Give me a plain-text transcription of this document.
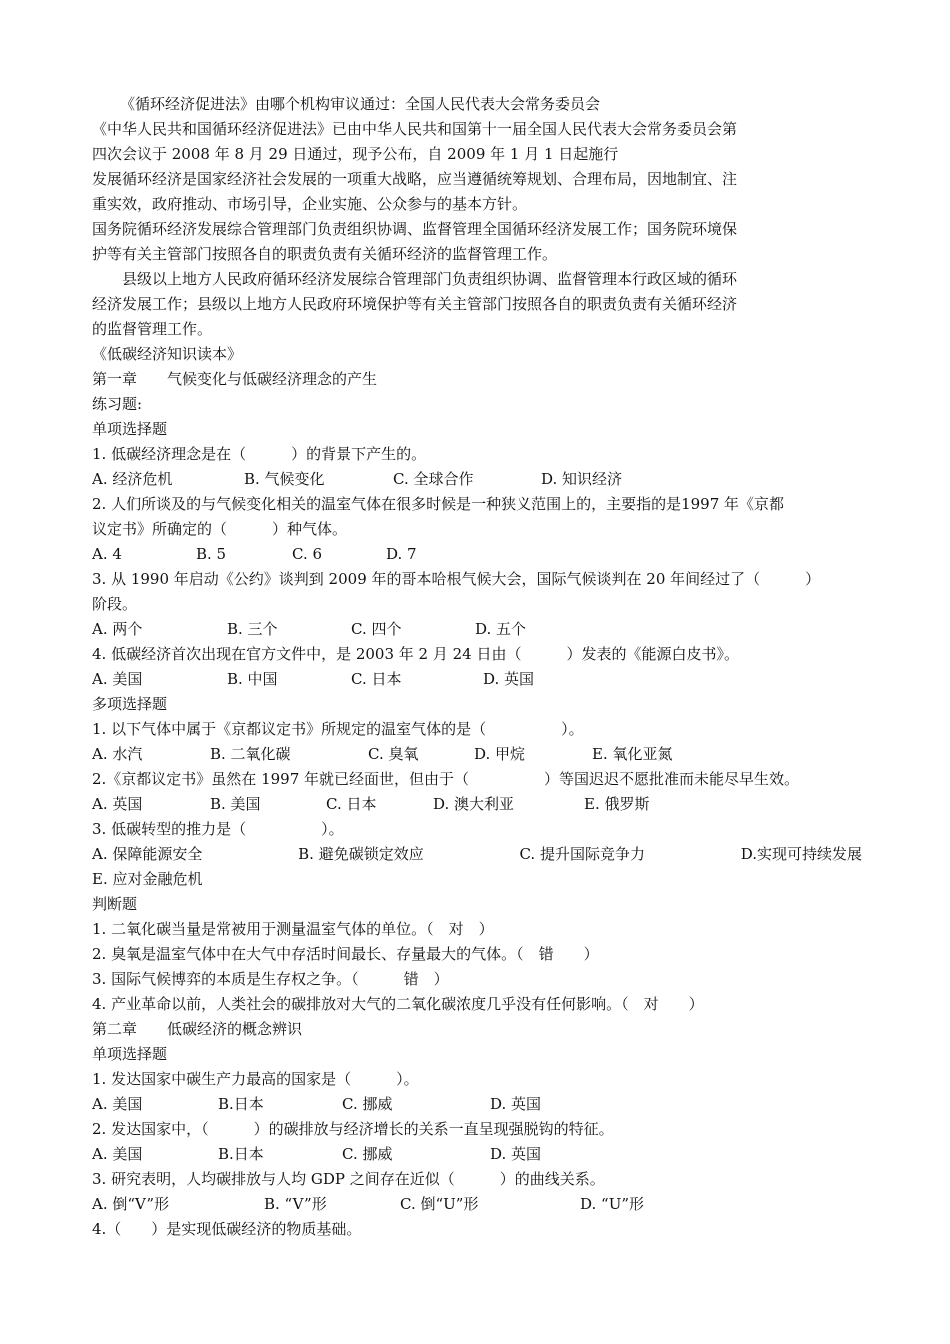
《循环经济促进法》由哪个机构审议通过：全国人民代表大会常务委员会
《中华人民共和国循环经济促进法》已由中华人民共和国第十一届全国人民代表大会常务委员会第
四次会议于 2008 年 8 月 29 日通过，现予公布，自 2009 年 1 月 1 日起施行
发展循环经济是国家经济社会发展的一项重大战略，应当遵循统筹规划、合理布局，因地制宜、注
重实效，政府推动、市场引导，企业实施、公众参与的基本方针。
国务院循环经济发展综合管理部门负责组织协调、监督管理全国循环经济发展工作；国务院环境保
护等有关主管部门按照各自的职责负责有关循环经济的监督管理工作。
县级以上地方人民政府循环经济发展综合管理部门负责组织协调、监督管理本行政区域的循环
经济发展工作；县级以上地方人民政府环境保护等有关主管部门按照各自的职责负责有关循环经济
的监督管理工作。
《低碳经济知识读本》
第一章　　气候变化与低碳经济理念的产生
练习题:
单项选择题
1. 低碳经济理念是在（　　　）的背景下产生的。
A. 经济危机	B. 气候变化	C. 全球合作	D. 知识经济
2. 人们所谈及的与气候变化相关的温室气体在很多时候是一种狭义范围上的，主要指的是1997 年《京都
议定书》所确定的（　　　）种气体。
A. 4	B. 5	C. 6	D. 7
3. 从 1990 年启动《公约》谈判到 2009 年的哥本哈根气候大会，国际气候谈判在 20 年间经过了（　　　）
阶段。
A. 两个	B. 三个	C. 四个	D. 五个
4. 低碳经济首次出现在官方文件中，是 2003 年 2 月 24 日由（　　　）发表的《能源白皮书》。
A. 美国	B. 中国	C. 日本	D. 英国
多项选择题
1. 以下气体中属于《京都议定书》所规定的温室气体的是（　　　　　）。
A. 水汽	B. 二氧化碳	C. 臭氧	D. 甲烷	E. 氧化亚氮
2.《京都议定书》虽然在 1997 年就已经面世，但由于（　　　　　）等国迟迟不愿批准而未能尽早生效。
A. 英国	B. 美国	C. 日本	D. 澳大利亚	E. 俄罗斯
3. 低碳转型的推力是（　　　　　）。
A. 保障能源安全	B. 避免碳锁定效应	C. 提升国际竞争力	D.实现可持续发展
E. 应对金融危机
判断题
1. 二氧化碳当量是常被用于测量温室气体的单位。（　对　）
2. 臭氧是温室气体中在大气中存活时间最长、存量最大的气体。（　错　　）
3. 国际气候博弈的本质是生存权之争。（　　　错　）
4. 产业革命以前，人类社会的碳排放对大气的二氧化碳浓度几乎没有任何影响。（　对　　）
第二章　　低碳经济的概念辨识
单项选择题
1. 发达国家中碳生产力最高的国家是（　　　）。
A. 美国	B.日本	C. 挪威	D. 英国
2. 发达国家中，（　　　）的碳排放与经济增长的关系一直呈现强脱钩的特征。
A. 美国	B.日本	C. 挪威	D. 英国
3. 研究表明，人均碳排放与人均 GDP 之间存在近似（　　　）的曲线关系。
A. 倒“V”形	B. “V”形	C. 倒“U”形	D. “U”形
4.（　　）是实现低碳经济的物质基础。
